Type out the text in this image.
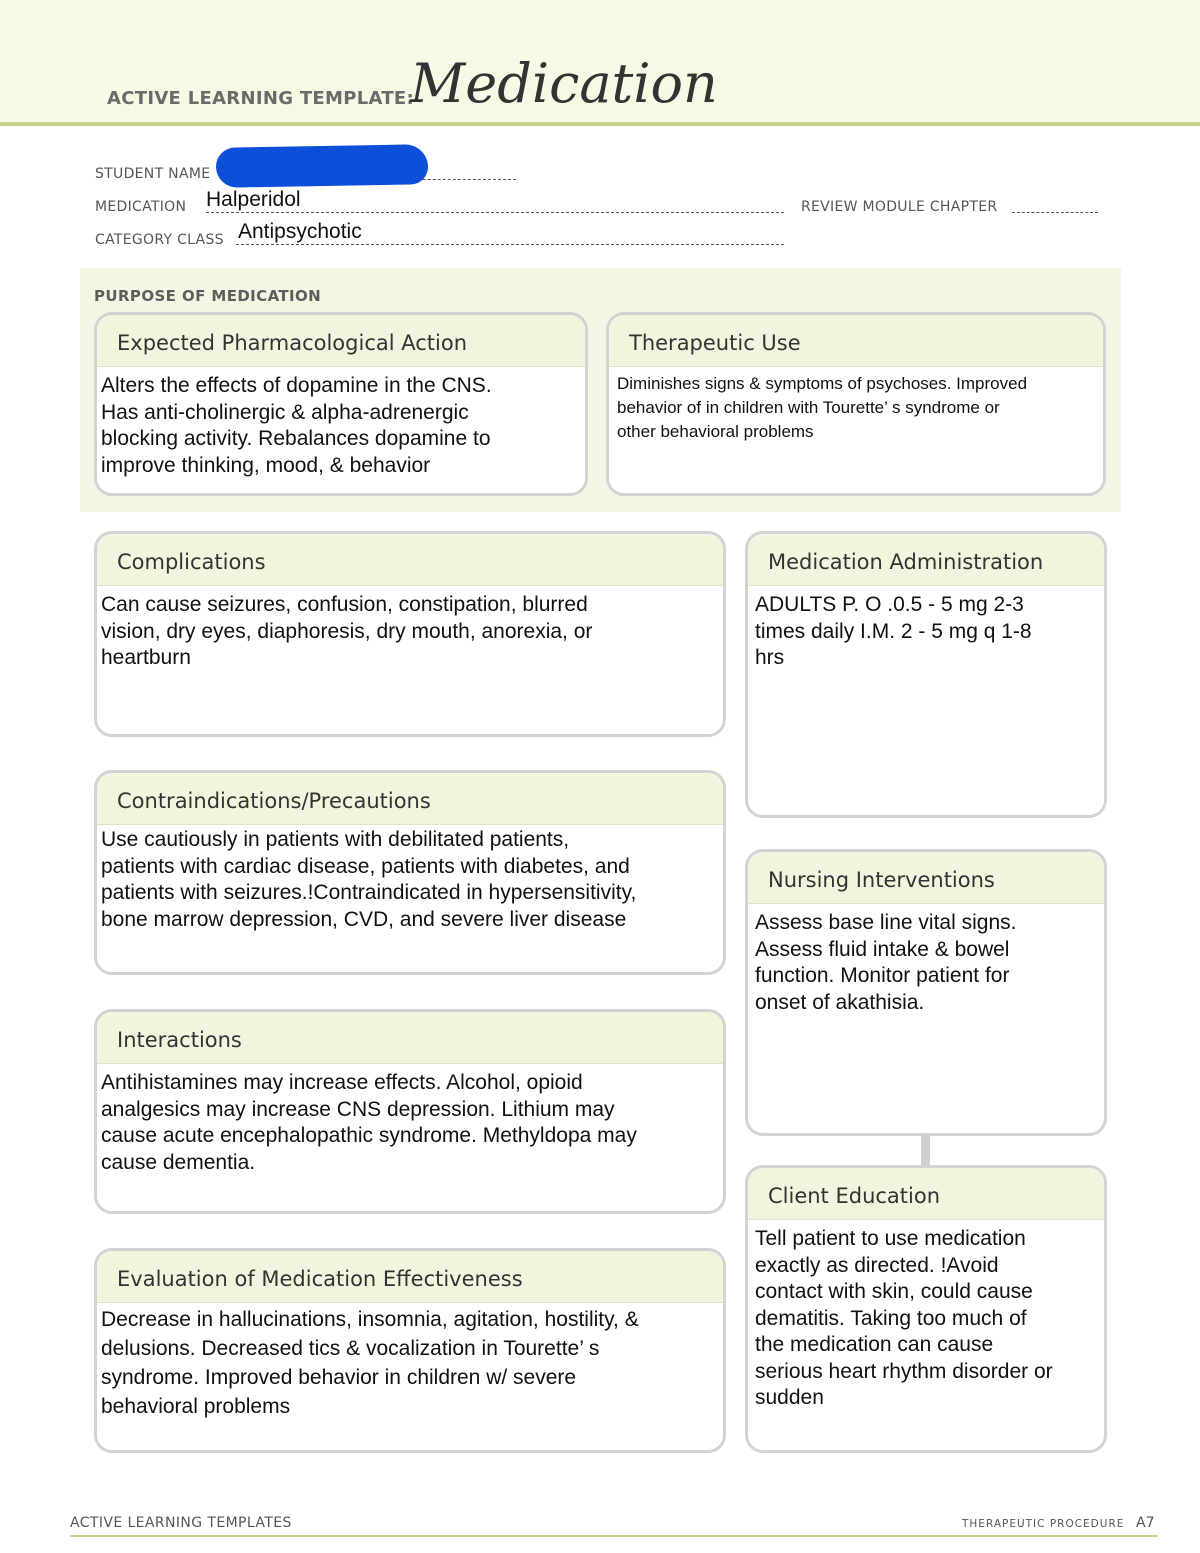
ACTIVE LEARNING TEMPLATE:
Medication
STUDENT NAME
MEDICATION Halperidol	REVIEW MODULE CHAPTER
CATEGORY CLASS Antipsychotic
PURPOSE OF MEDICATION
Expected Pharmacological Action
Alters the effects of dopamine in the CNS.
Has anti-cholinergic & alpha-adrenergic
blocking activity. Rebalances dopamine to
improve thinking, mood, & behavior
Therapeutic Use
Diminishes signs & symptoms of psychoses. Improved
behavior of in children with Tourette’ s syndrome or
other behavioral problems
Complications
Can cause seizures, confusion, constipation, blurred
vision, dry eyes, diaphoresis, dry mouth, anorexia, or
heartburn
Contraindications/Precautions
Use cautiously in patients with debilitated patients,
patients with cardiac disease, patients with diabetes, and
patients with seizures.!Contraindicated in hypersensitivity,
bone marrow depression, CVD, and severe liver disease
Interactions
Antihistamines may increase effects. Alcohol, opioid
analgesics may increase CNS depression. Lithium may
cause acute encephalopathic syndrome. Methyldopa may
cause dementia.
Evaluation of Medication Effectiveness
Decrease in hallucinations, insomnia, agitation, hostility, &
delusions. Decreased tics & vocalization in Tourette’ s
syndrome. Improved behavior in children w/ severe
behavioral problems
Medication Administration
ADULTS P. O .0.5 - 5 mg 2-3
times daily I.M. 2 - 5 mg q 1-8
hrs
Nursing Interventions
Assess base line vital signs.
Assess fluid intake & bowel
function. Monitor patient for
onset of akathisia.
Client Education
Tell patient to use medication
exactly as directed. !Avoid
contact with skin, could cause
dematitis. Taking too much of
the medication can cause
serious heart rhythm disorder or
sudden
ACTIVE LEARNING TEMPLATES	THERAPEUTIC PROCEDURE A7
